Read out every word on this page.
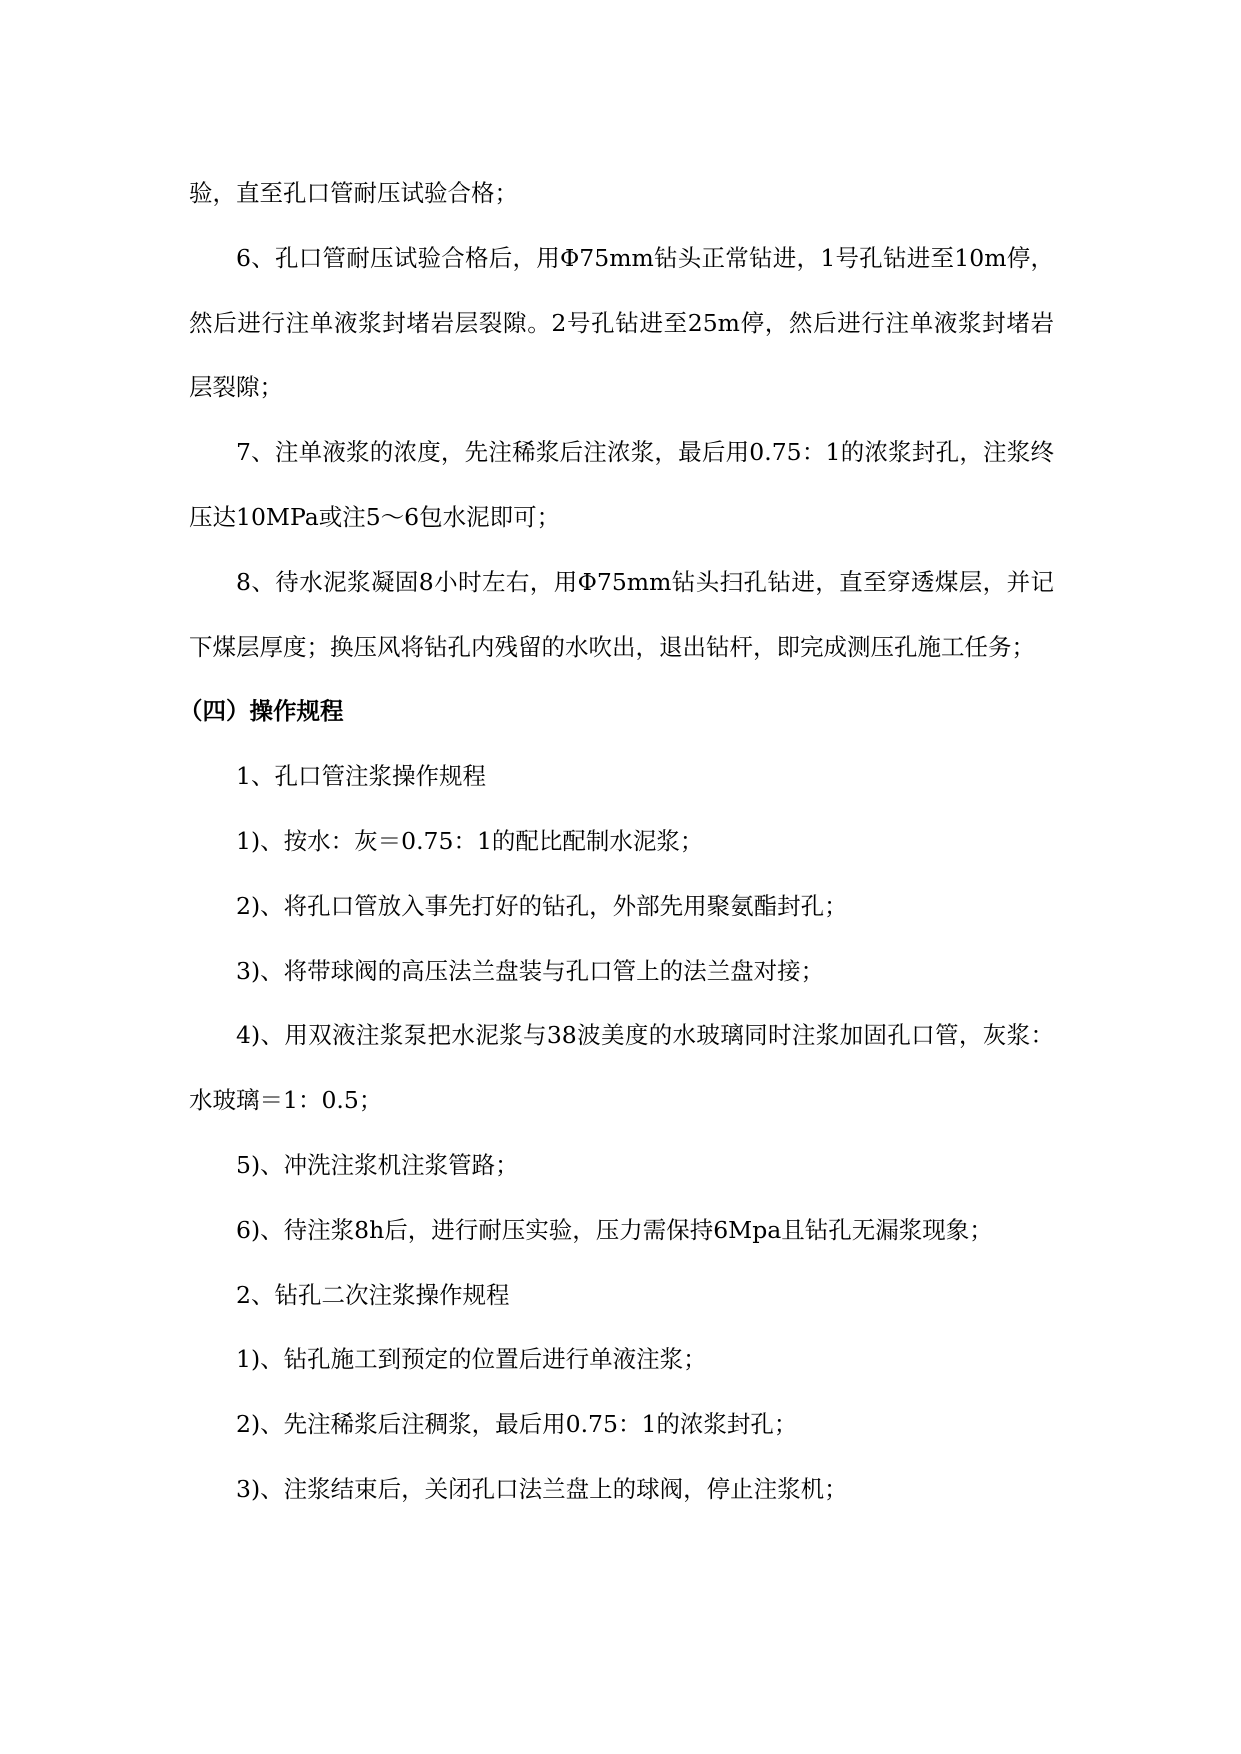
验，直至孔口管耐压试验合格；

6、孔口管耐压试验合格后，用Φ75mm钻头正常钻进，1号孔钻进至10m停，然后进行注单液浆封堵岩层裂隙。2号孔钻进至25m停，然后进行注单液浆封堵岩层裂隙；

7、注单液浆的浓度，先注稀浆后注浓浆，最后用0.75：1的浓浆封孔，注浆终压达10MPa或注5～6包水泥即可；

8、待水泥浆凝固8小时左右，用Φ75mm钻头扫孔钻进，直至穿透煤层，并记下煤层厚度；换压风将钻孔内残留的水吹出，退出钻杆，即完成测压孔施工任务；

（四）操作规程

1、孔口管注浆操作规程

1)、按水：灰＝0.75：1的配比配制水泥浆；

2)、将孔口管放入事先打好的钻孔，外部先用聚氨酯封孔；

3)、将带球阀的高压法兰盘装与孔口管上的法兰盘对接；

4)、用双液注浆泵把水泥浆与38波美度的水玻璃同时注浆加固孔口管，灰浆：水玻璃＝1：0.5；

5)、冲洗注浆机注浆管路；

6)、待注浆8h后，进行耐压实验，压力需保持6Mpa且钻孔无漏浆现象；

2、钻孔二次注浆操作规程

1)、钻孔施工到预定的位置后进行单液注浆；

2)、先注稀浆后注稠浆，最后用0.75：1的浓浆封孔；

3)、注浆结束后，关闭孔口法兰盘上的球阀，停止注浆机；
